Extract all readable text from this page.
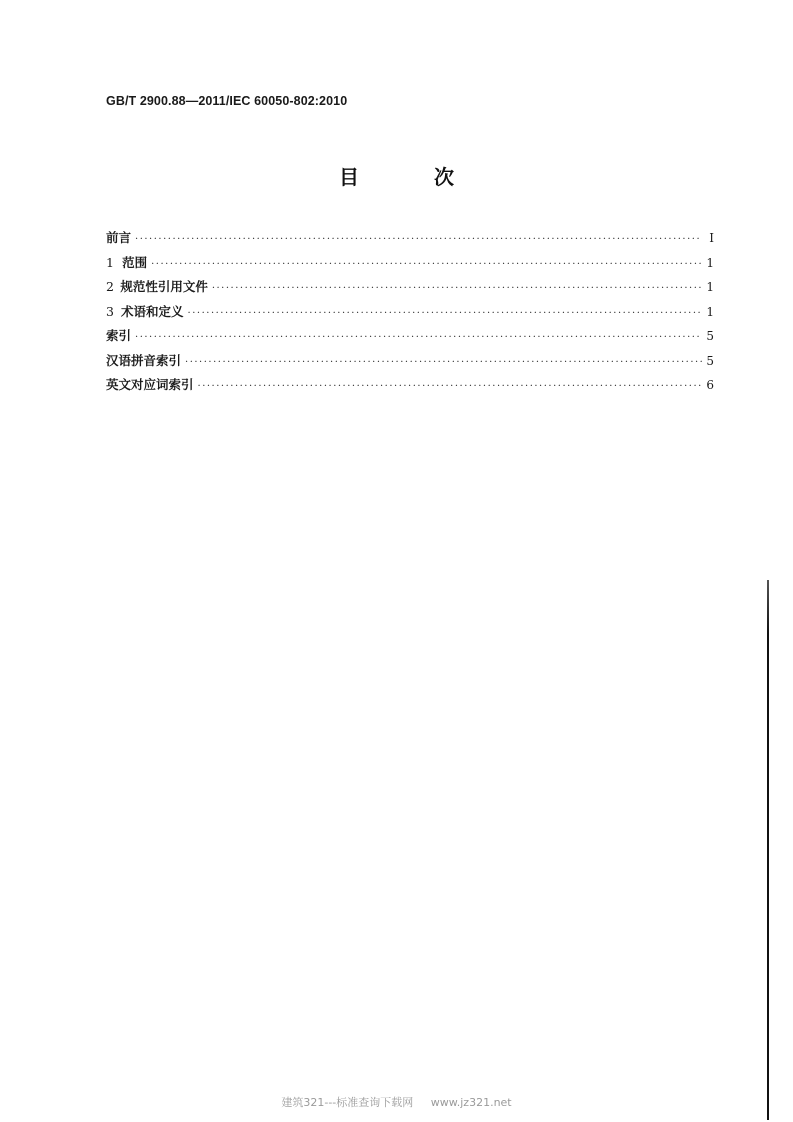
GB/T 2900.88—2011/IEC 60050-802:2010
目 次
前言 ·····	Ⅰ
1 范围 ·····	1
2 规范性引用文件 ·····	1
3 术语和定义 ·····	1
索引 ·····	5
汉语拼音索引 ·····	5
英文对应词索引 ·····	6
建筑321---标准查询下载网 www.jz321.net
